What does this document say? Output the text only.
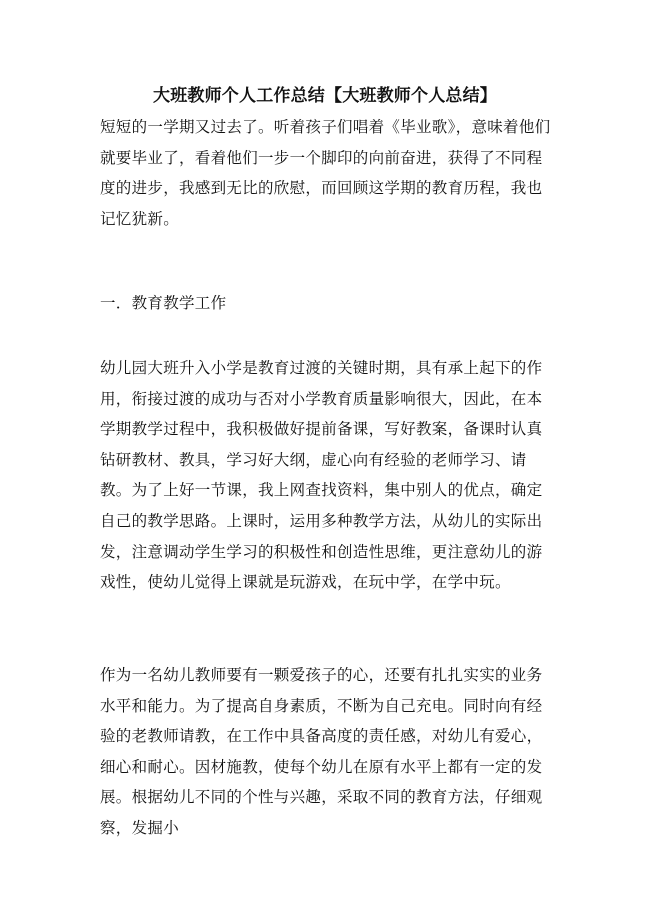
大班教师个人工作总结【大班教师个人总结】

短短的一学期又过去了。听着孩子们唱着《毕业歌》，意味着他们就要毕业了，看着他们一步一个脚印的向前奋进，获得了不同程度的进步，我感到无比的欣慰，而回顾这学期的教育历程，我也记忆犹新。

一．教育教学工作

幼儿园大班升入小学是教育过渡的关键时期，具有承上起下的作用，衔接过渡的成功与否对小学教育质量影响很大，因此，在本学期教学过程中，我积极做好提前备课，写好教案，备课时认真钻研教材、教具，学习好大纲，虚心向有经验的老师学习、请教。为了上好一节课，我上网查找资料，集中别人的优点，确定自己的教学思路。上课时，运用多种教学方法，从幼儿的实际出发，注意调动学生学习的积极性和创造性思维，更注意幼儿的游戏性，使幼儿觉得上课就是玩游戏，在玩中学，在学中玩。

作为一名幼儿教师要有一颗爱孩子的心，还要有扎扎实实的业务水平和能力。为了提高自身素质，不断为自己充电。同时向有经验的老教师请教，在工作中具备高度的责任感，对幼儿有爱心，细心和耐心。因材施教，使每个幼儿在原有水平上都有一定的发展。根据幼儿不同的个性与兴趣，采取不同的教育方法，仔细观察，发掘小
